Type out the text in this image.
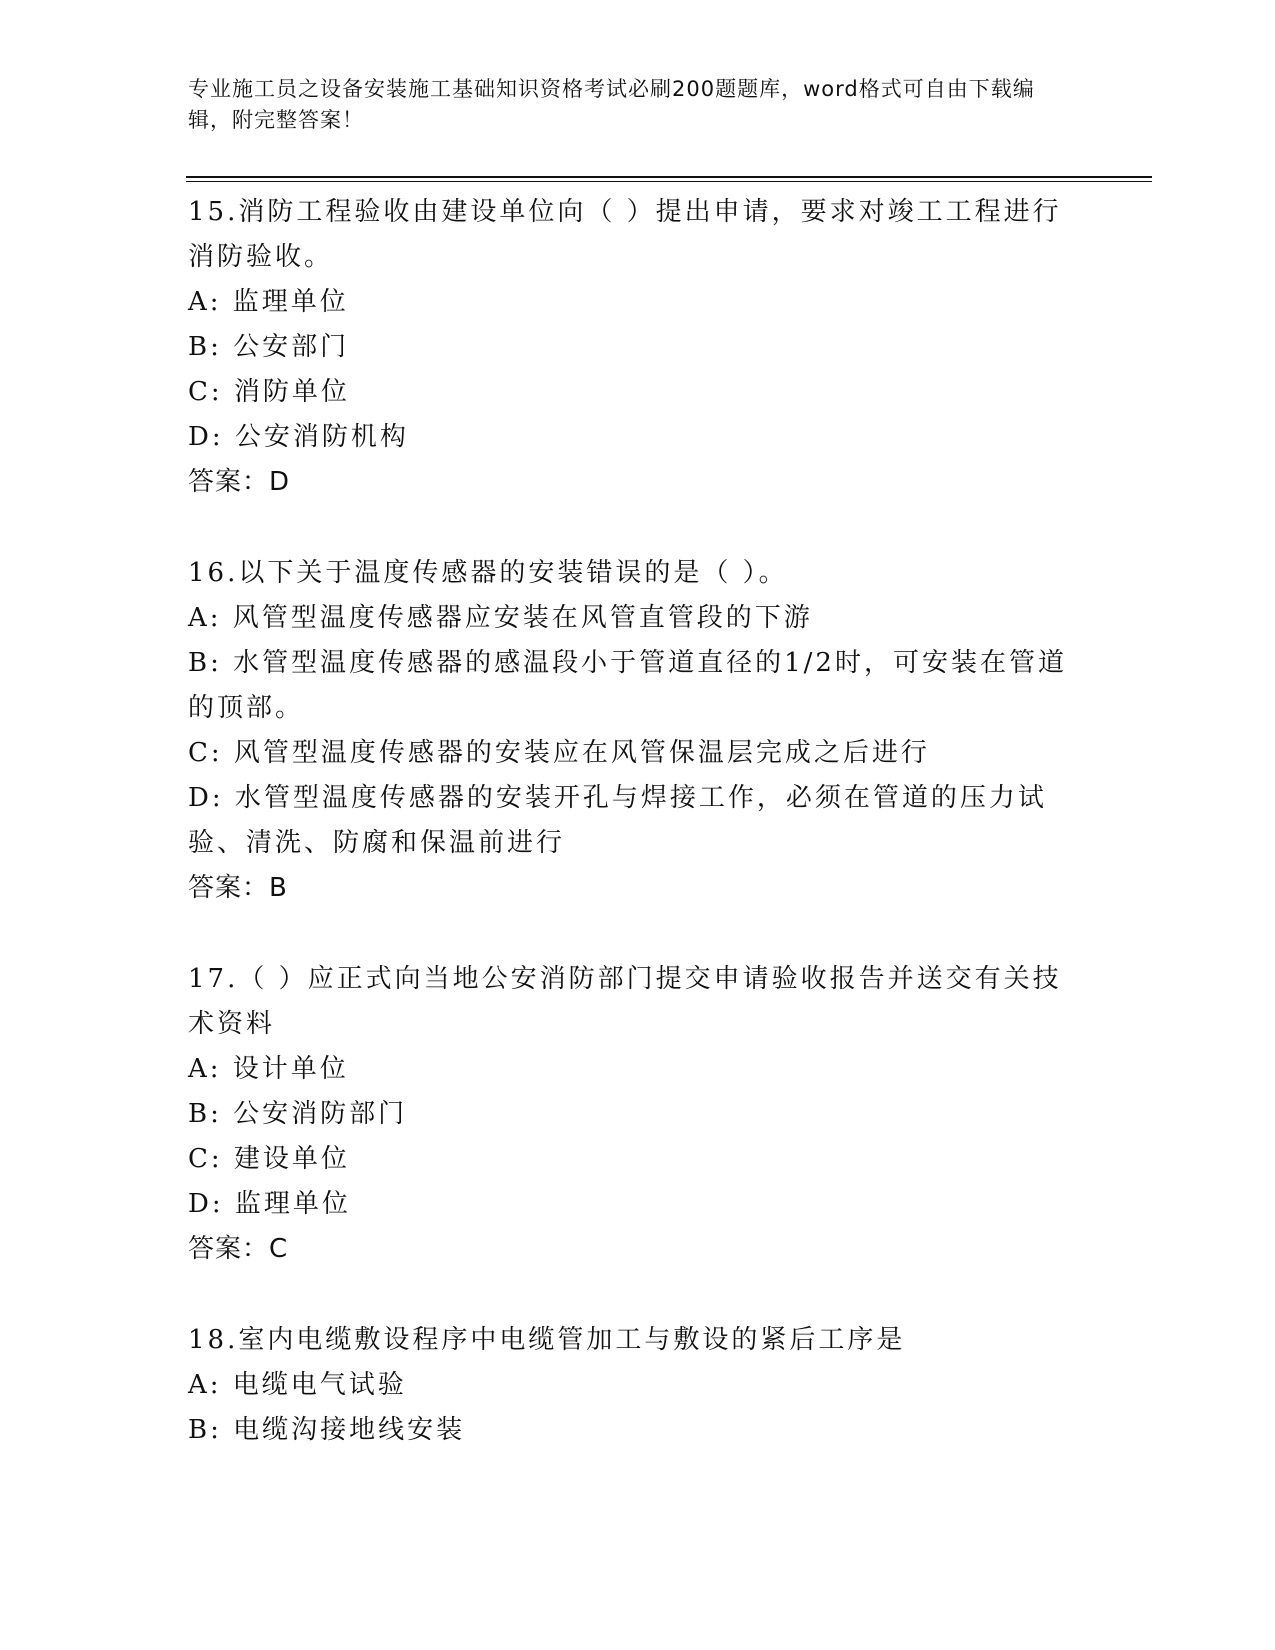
专业施工员之设备安装施工基础知识资格考试必刷200题题库，word格式可自由下载编辑，附完整答案！

15.消防工程验收由建设单位向（ ）提出申请，要求对竣工工程进行消防验收。

A: 监理单位

B: 公安部门

C: 消防单位

D: 公安消防机构

答案：D

16.以下关于温度传感器的安装错误的是（ ）。

A: 风管型温度传感器应安装在风管直管段的下游

B: 水管型温度传感器的感温段小于管道直径的1/2时，可安装在管道的顶部。

C: 风管型温度传感器的安装应在风管保温层完成之后进行

D: 水管型温度传感器的安装开孔与焊接工作，必须在管道的压力试验、清洗、防腐和保温前进行

答案：B

17.（ ）应正式向当地公安消防部门提交申请验收报告并送交有关技术资料

A: 设计单位

B: 公安消防部门

C: 建设单位

D: 监理单位

答案：C

18.室内电缆敷设程序中电缆管加工与敷设的紧后工序是

A: 电缆电气试验

B: 电缆沟接地线安装
